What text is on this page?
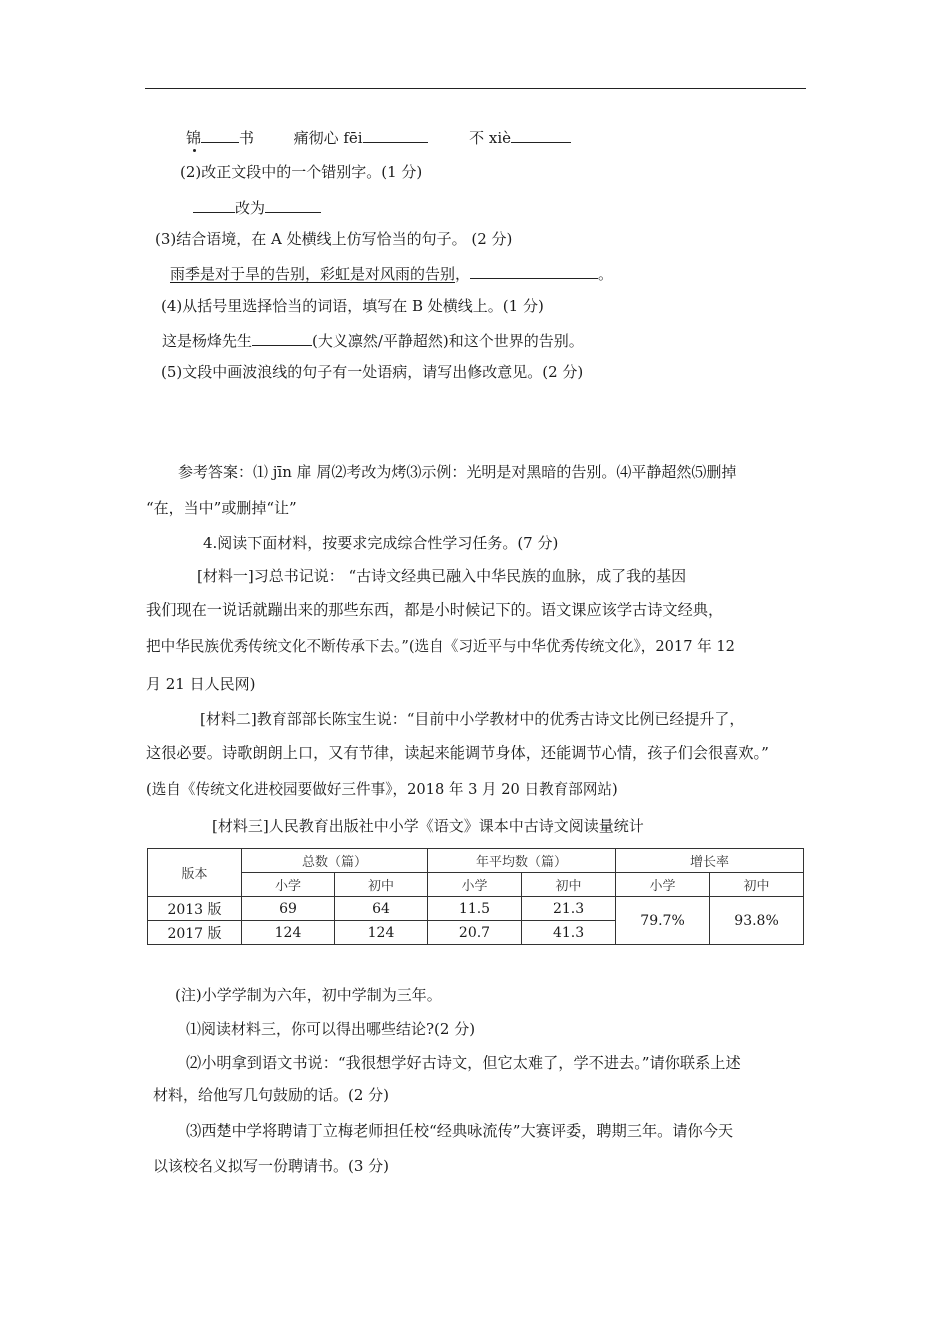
锦	书	痛彻心 fēi	不 xiè
(2)改正文段中的一个错别字。(1 分)
改为
(3)结合语境，在 A 处横线上仿写恰当的句子。 (2 分)
雨季是对于旱的告别，彩虹是对风雨的告别，	。
(4)从括号里选择恰当的词语，填写在 B 处横线上。(1 分)
这是杨烽先生	(大义凛然/平静超然)和这个世界的告别。
(5)文段中画波浪线的句子有一处语病，请写出修改意见。(2 分)
参考答案：⑴ jīn 扉 屑⑵考改为烤⑶示例：光明是对黑暗的告别。⑷平静超然⑸删掉
“在，当中”或删掉“让”
4.阅读下面材料，按要求完成综合性学习任务。(7 分)
[材料一]习总书记说： “古诗文经典已融入中华民族的血脉，成了我的基因
我们现在一说话就蹦出来的那些东西，都是小时候记下的。语文课应该学古诗文经典，
把中华民族优秀传统文化不断传承下去。”(选自《习近平与中华优秀传统文化》，2017 年 12
月 21 日人民网)
[材料二]教育部部长陈宝生说：“目前中小学教材中的优秀古诗文比例已经提升了，
这很必要。诗歌朗朗上口，又有节律，读起来能调节身体，还能调节心情，孩子们会很喜欢。”
(选自《传统文化进校园要做好三件事》，2018 年 3 月 20 日教育部网站)
[材料三]人民教育出版社中小学《语文》课本中古诗文阅读量统计
版本	总数（篇）		年平均数（篇）		增长率	
	小学	初中	小学	初中	小学	初中
2013 版	69	64	11.5	21.3	79.7%	93.8%
2017 版	124	124	20.7	41.3		
(注)小学学制为六年，初中学制为三年。
⑴阅读材料三，你可以得出哪些结论?(2 分)
⑵小明拿到语文书说：“我很想学好古诗文，但它太难了，学不进去。”请你联系上述
材料，给他写几句鼓励的话。(2 分)
⑶西楚中学将聘请丁立梅老师担任校“经典咏流传”大赛评委，聘期三年。请你今天
以该校名义拟写一份聘请书。(3 分)
